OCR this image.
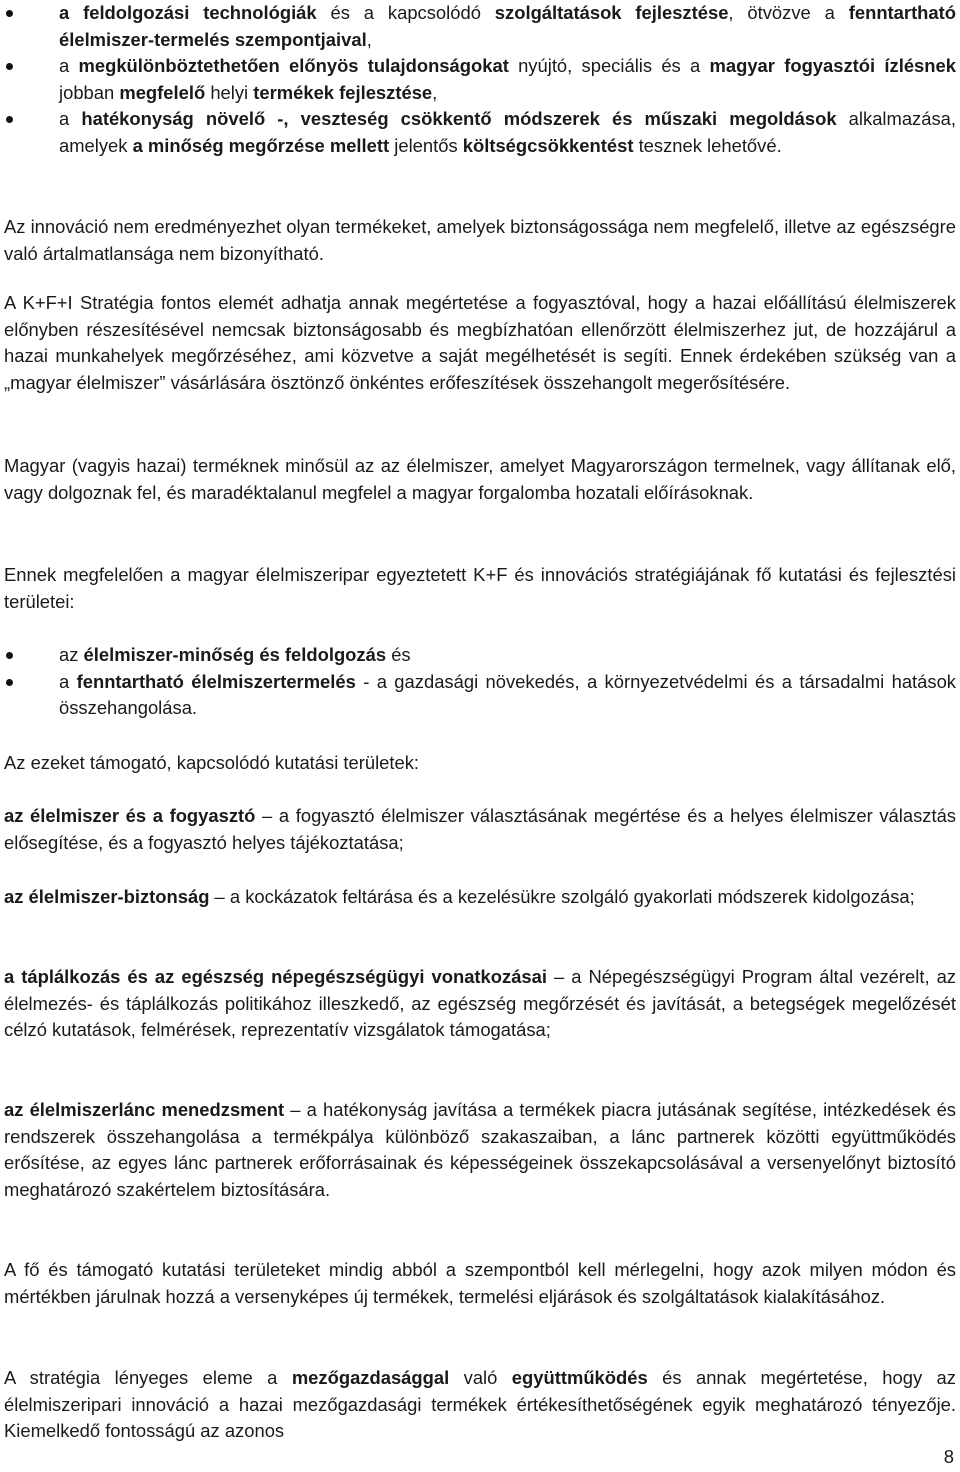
a feldolgozási technológiák és a kapcsolódó szolgáltatások fejlesztése, ötvözve a fenntartható élelmiszer-termelés szempontjaival,
a megkülönböztethetően előnyös tulajdonságokat nyújtó, speciális és a magyar fogyasztói ízlésnek jobban megfelelő helyi termékek fejlesztése,
a hatékonyság növelő -, veszteség csökkentő módszerek és műszaki megoldások alkalmazása, amelyek a minőség megőrzése mellett jelentős költségcsökkentést tesznek lehetővé.

Az innováció nem eredményezhet olyan termékeket, amelyek biztonságossága nem megfelelő, illetve az egészségre való ártalmatlansága nem bizonyítható.

A K+F+I Stratégia fontos elemét adhatja annak megértetése a fogyasztóval, hogy a hazai előállítású élelmiszerek előnyben részesítésével nemcsak biztonságosabb és megbízhatóan ellenőrzött élelmiszerhez jut, de hozzájárul a hazai munkahelyek megőrzéséhez, ami közvetve a saját megélhetését is segíti. Ennek érdekében szükség van a „magyar élelmiszer” vásárlására ösztönző önkéntes erőfeszítések összehangolt megerősítésére.

Magyar (vagyis hazai) terméknek minősül az az élelmiszer, amelyet Magyarországon termelnek, vagy állítanak elő, vagy dolgoznak fel, és maradéktalanul megfelel a magyar forgalomba hozatali előírásoknak.

Ennek megfelelően a magyar élelmiszeripar egyeztetett K+F és innovációs stratégiájának fő kutatási és fejlesztési területei:

az élelmiszer-minőség és feldolgozás és
a fenntartható élelmiszertermelés - a gazdasági növekedés, a környezetvédelmi és a társadalmi hatások összehangolása.

Az ezeket támogató, kapcsolódó kutatási területek:

az élelmiszer és a fogyasztó – a fogyasztó élelmiszer választásának megértése és a helyes élelmiszer választás elősegítése, és a fogyasztó helyes tájékoztatása;

az élelmiszer-biztonság – a kockázatok feltárása és a kezelésükre szolgáló gyakorlati módszerek kidolgozása;

a táplálkozás és az egészség népegészségügyi vonatkozásai – a Népegészségügyi Program által vezérelt, az élelmezés- és táplálkozás politikához illeszkedő, az egészség megőrzését és javítását, a betegségek megelőzését célzó kutatások, felmérések, reprezentatív vizsgálatok támogatása;

az élelmiszerlánc menedzsment – a hatékonyság javítása a termékek piacra jutásának segítése, intézkedések és rendszerek összehangolása a termékpálya különböző szakaszaiban, a lánc partnerek közötti együttműködés erősítése, az egyes lánc partnerek erőforrásainak és képességeinek összekapcsolásával a versenyelőnyt biztosító meghatározó szakértelem biztosítására.

A fő és támogató kutatási területeket mindig abból a szempontból kell mérlegelni, hogy azok milyen módon és mértékben járulnak hozzá a versenyképes új termékek, termelési eljárások és szolgáltatások kialakításához.

A stratégia lényeges eleme a mezőgazdasággal való együttműködés és annak megértetése, hogy az élelmiszeripari innováció a hazai mezőgazdasági termékek értékesíthetőségének egyik meghatározó tényezője. Kiemelkedő fontosságú az azonos

8
